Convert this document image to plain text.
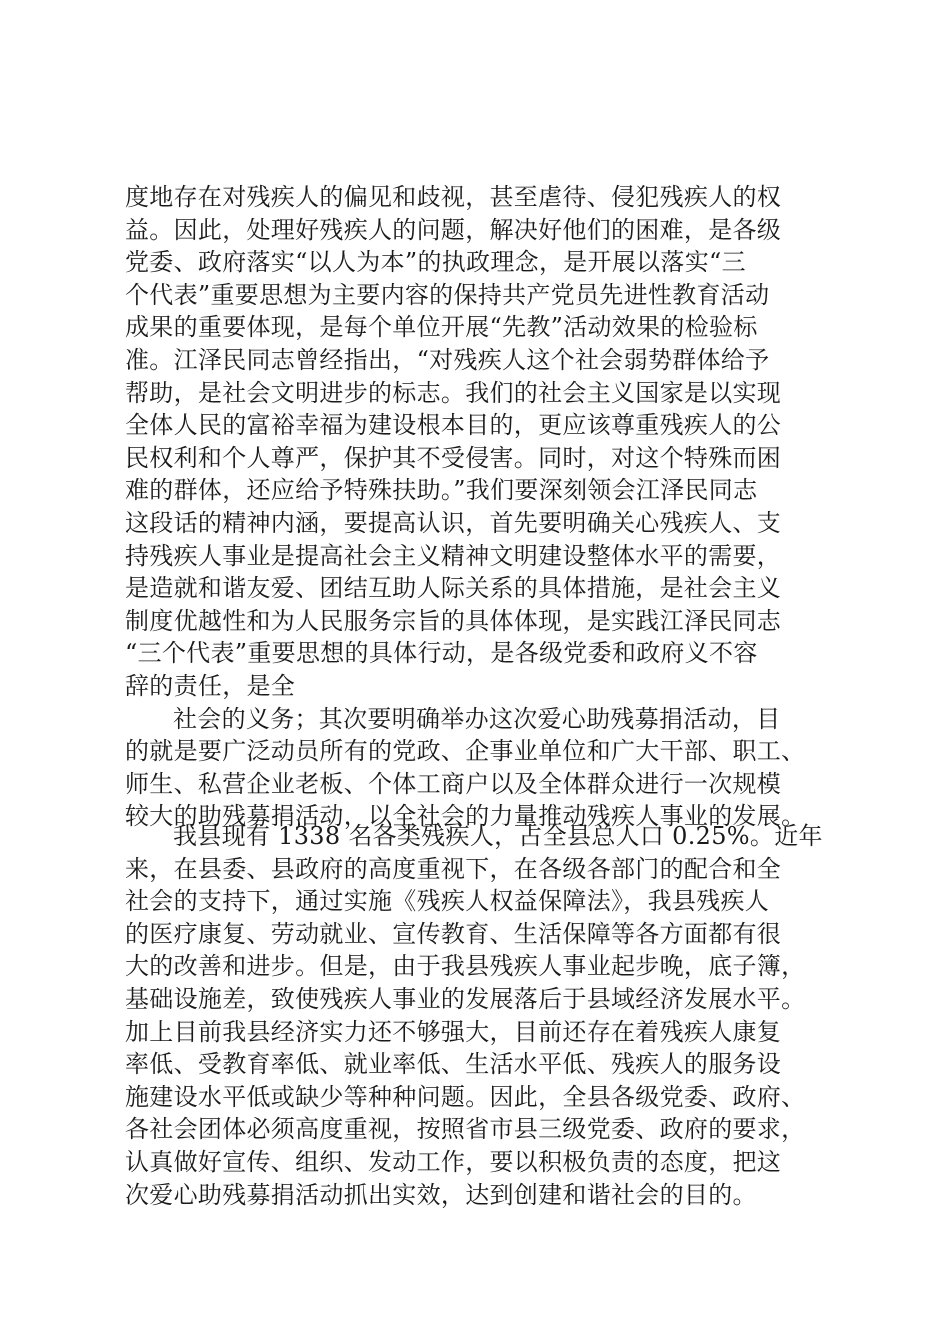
度地存在对残疾人的偏见和歧视，甚至虐待、侵犯残疾人的权
益。因此，处理好残疾人的问题，解决好他们的困难，是各级
党委、政府落实“以人为本”的执政理念，是开展以落实“三
个代表”重要思想为主要内容的保持共产党员先进性教育活动
成果的重要体现，是每个单位开展“先教”活动效果的检验标
准。江泽民同志曾经指出，“对残疾人这个社会弱势群体给予
帮助，是社会文明进步的标志。我们的社会主义国家是以实现
全体人民的富裕幸福为建设根本目的，更应该尊重残疾人的公
民权利和个人尊严，保护其不受侵害。同时，对这个特殊而困
难的群体，还应给予特殊扶助。”我们要深刻领会江泽民同志
这段话的精神内涵，要提高认识，首先要明确关心残疾人、支
持残疾人事业是提高社会主义精神文明建设整体水平的需要，
是造就和谐友爱、团结互助人际关系的具体措施，是社会主义
制度优越性和为人民服务宗旨的具体体现，是实践江泽民同志
“三个代表”重要思想的具体行动，是各级党委和政府义不容
辞的责任，是全
社会的义务；其次要明确举办这次爱心助残募捐活动，目
的就是要广泛动员所有的党政、企事业单位和广大干部、职工、
师生、私营企业老板、个体工商户以及全体群众进行一次规模
较大的助残募捐活动，以全社会的力量推动残疾人事业的发展。
我县现有 1338 名各类残疾人，占全县总人口 0.25%。近年
来，在县委、县政府的高度重视下，在各级各部门的配合和全
社会的支持下，通过实施《残疾人权益保障法》，我县残疾人
的医疗康复、劳动就业、宣传教育、生活保障等各方面都有很
大的改善和进步。但是，由于我县残疾人事业起步晚，底子簿，
基础设施差，致使残疾人事业的发展落后于县域经济发展水平。
加上目前我县经济实力还不够强大，目前还存在着残疾人康复
率低、受教育率低、就业率低、生活水平低、残疾人的服务设
施建设水平低或缺少等种种问题。因此，全县各级党委、政府、
各社会团体必须高度重视，按照省市县三级党委、政府的要求，
认真做好宣传、组织、发动工作，要以积极负责的态度，把这
次爱心助残募捐活动抓出实效，达到创建和谐社会的目的。
